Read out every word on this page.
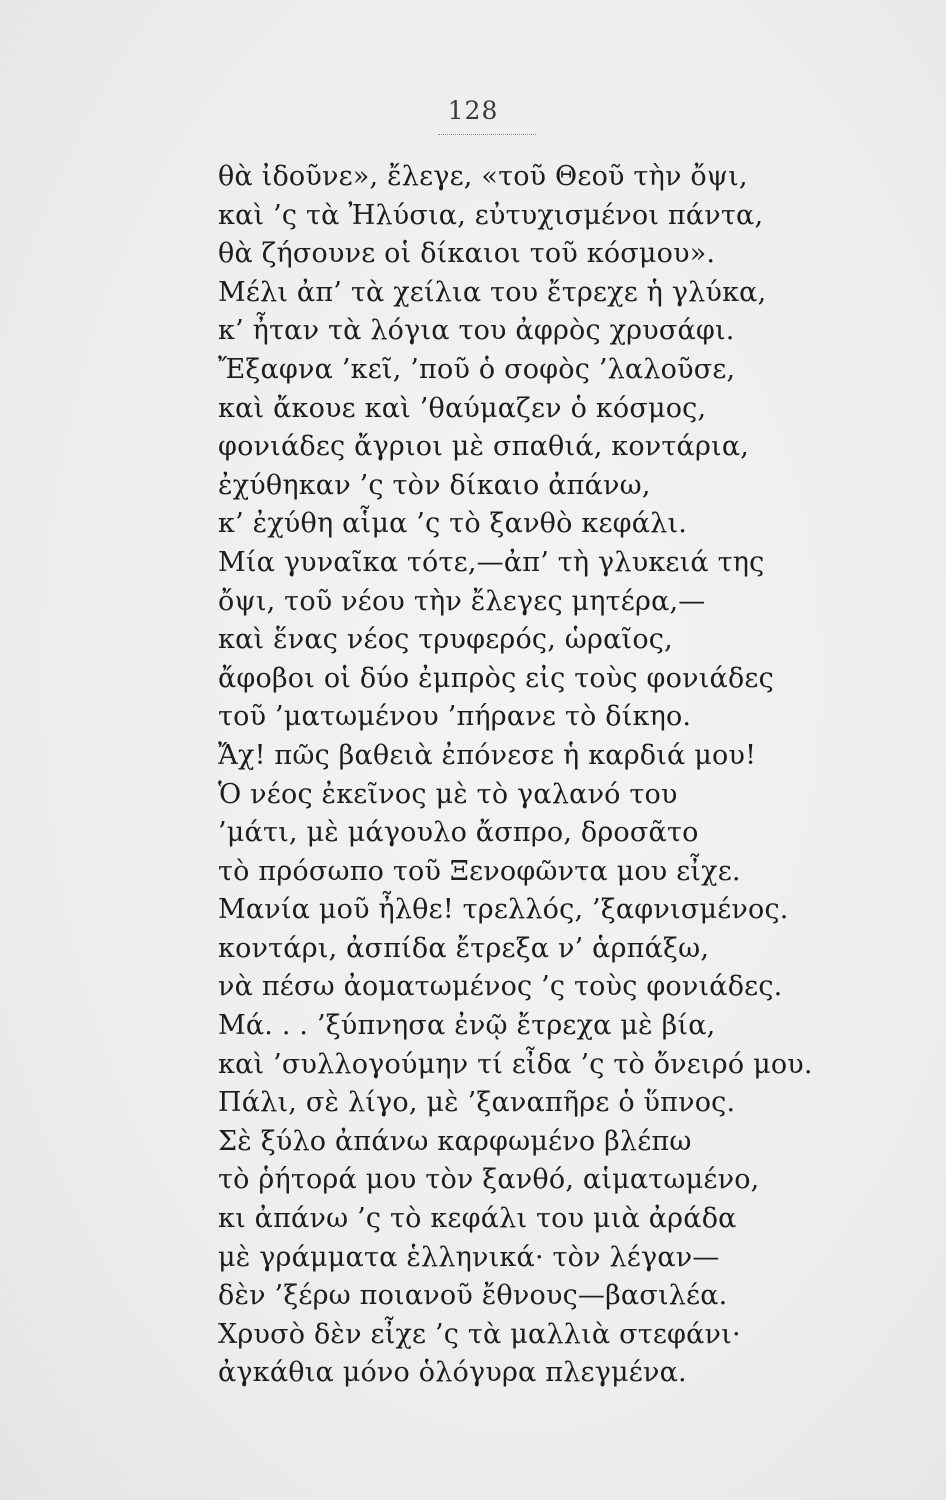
128
θὰ ἰδοῦνε», ἔλεγε, «τοῦ Θεοῦ τὴν ὄψι,
καὶ ’ς τὰ Ἠλύσια, εὐτυχισμένοι πάντα,
θὰ ζήσουνε οἱ δίκαιοι τοῦ κόσμου».
Μέλι ἀπ’ τὰ χείλια του ἔτρεχε ἡ γλύκα,
κ’ ἦταν τὰ λόγια του ἀφρὸς χρυσάφι.
Ἔξαφνα ’κεῖ, ’ποῦ ὁ σοφὸς ’λαλοῦσε,
καὶ ἄκουε καὶ ’θαύμαζεν ὁ κόσμος,
φονιάδες ἄγριοι μὲ σπαθιά, κοντάρια,
ἐχύθηκαν ’ς τὸν δίκαιο ἀπάνω,
κ’ ἐχύθη αἷμα ’ς τὸ ξανθὸ κεφάλι.
Μία γυναῖκα τότε,—ἀπ’ τὴ γλυκειά της
ὄψι, τοῦ νέου τὴν ἔλεγες μητέρα,—
καὶ ἕνας νέος τρυφερός, ὡραῖος,
ἄφοβοι οἱ δύο ἐμπρὸς εἰς τοὺς φονιάδες
τοῦ ’ματωμένου ’πήρανε τὸ δίκηο.
Ἄχ! πῶς βαθειὰ ἐπόνεσε ἡ καρδιά μου!
Ὁ νέος ἐκεῖνος μὲ τὸ γαλανό του
’μάτι, μὲ μάγουλο ἄσπρο, δροσᾶτο
τὸ πρόσωπο τοῦ Ξενοφῶντα μου εἶχε.
Μανία μοῦ ἦλθε! τρελλός, ’ξαφνισμένος.
κοντάρι, ἀσπίδα ἔτρεξα ν’ ἁρπάξω,
νὰ πέσω ἀοματωμένος ’ς τοὺς φονιάδες.
Μά. . . ’ξύπνησα ἐνῷ ἔτρεχα μὲ βία,
καὶ ’συλλογούμην τί εἶδα ’ς τὸ ὄνειρό μου.
Πάλι, σὲ λίγο, μὲ ’ξαναπῆρε ὁ ὕπνος.
Σὲ ξύλο ἀπάνω καρφωμένο βλέπω
τὸ ῥήτορά μου τὸν ξανθό, αἱματωμένο,
κι ἀπάνω ’ς τὸ κεφάλι του μιὰ ἀράδα
μὲ γράμματα ἑλληνικά· τὸν λέγαν—
δὲν ’ξέρω ποιανοῦ ἔθνους—βασιλέα.
Χρυσὸ δὲν εἶχε ’ς τὰ μαλλιὰ στεφάνι·
ἀγκάθια μόνο ὁλόγυρα πλεγμένα.
